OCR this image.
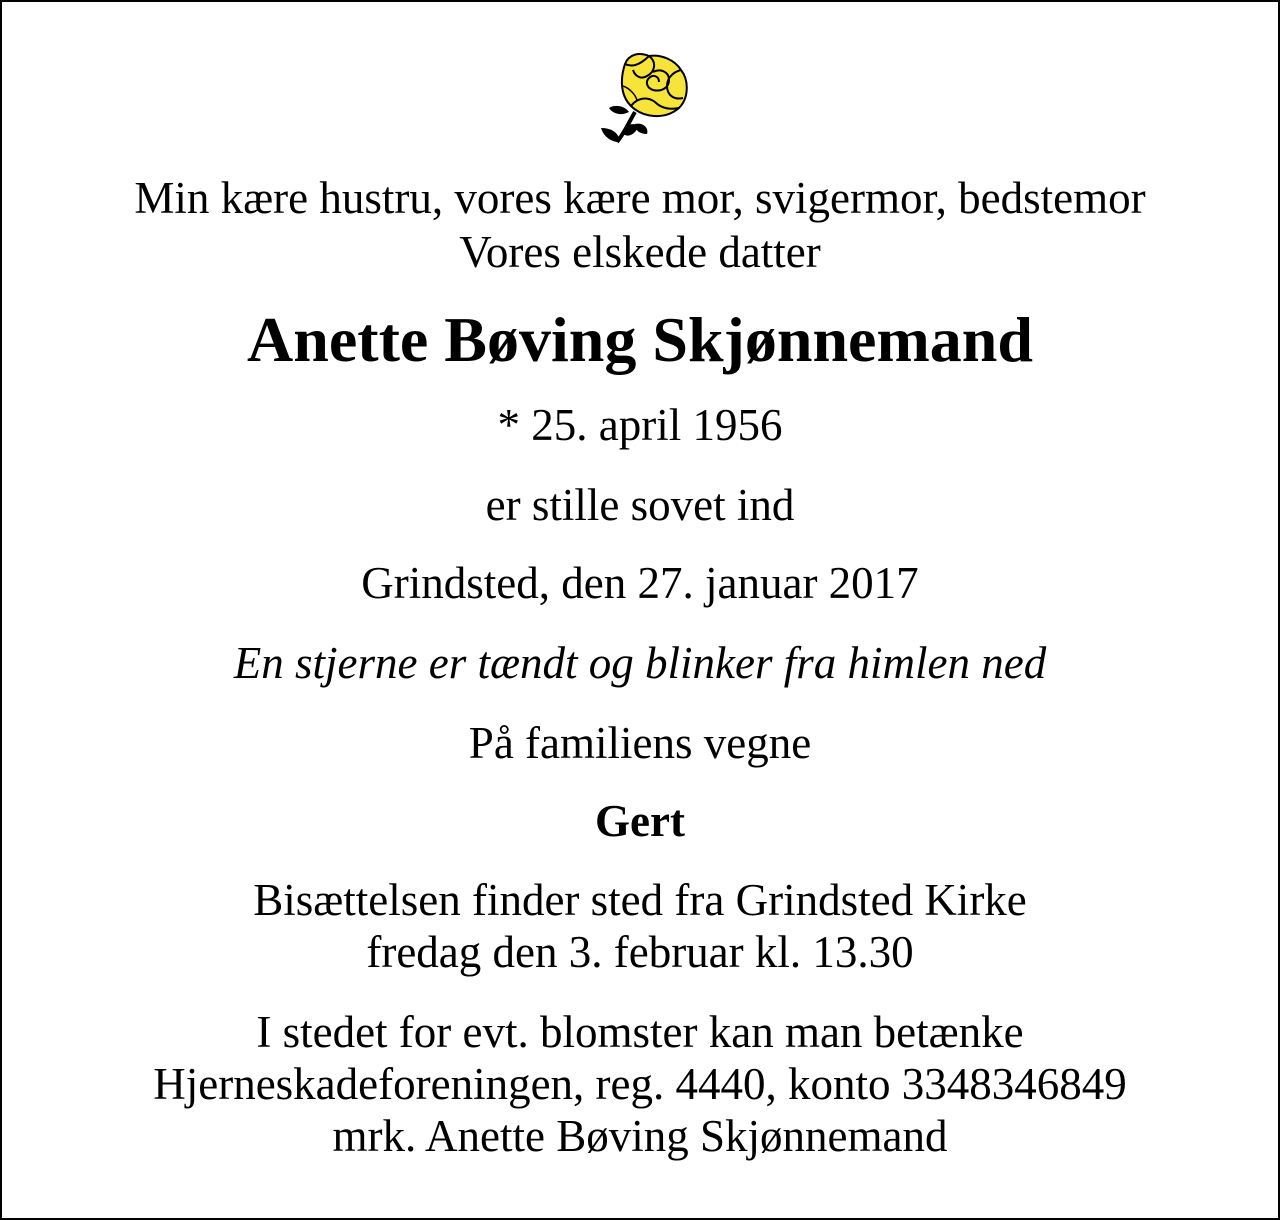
Min kære hustru, vores kære mor, svigermor, bedstemor
Vores elskede datter
Anette Bøving Skjønnemand
* 25. april 1956
er stille sovet ind
Grindsted, den 27. januar 2017
En stjerne er tændt og blinker fra himlen ned
På familiens vegne
Gert
Bisættelsen finder sted fra Grindsted Kirke
fredag den 3. februar kl. 13.30
I stedet for evt. blomster kan man betænke
Hjerneskadeforeningen, reg. 4440, konto 3348346849
mrk. Anette Bøving Skjønnemand
